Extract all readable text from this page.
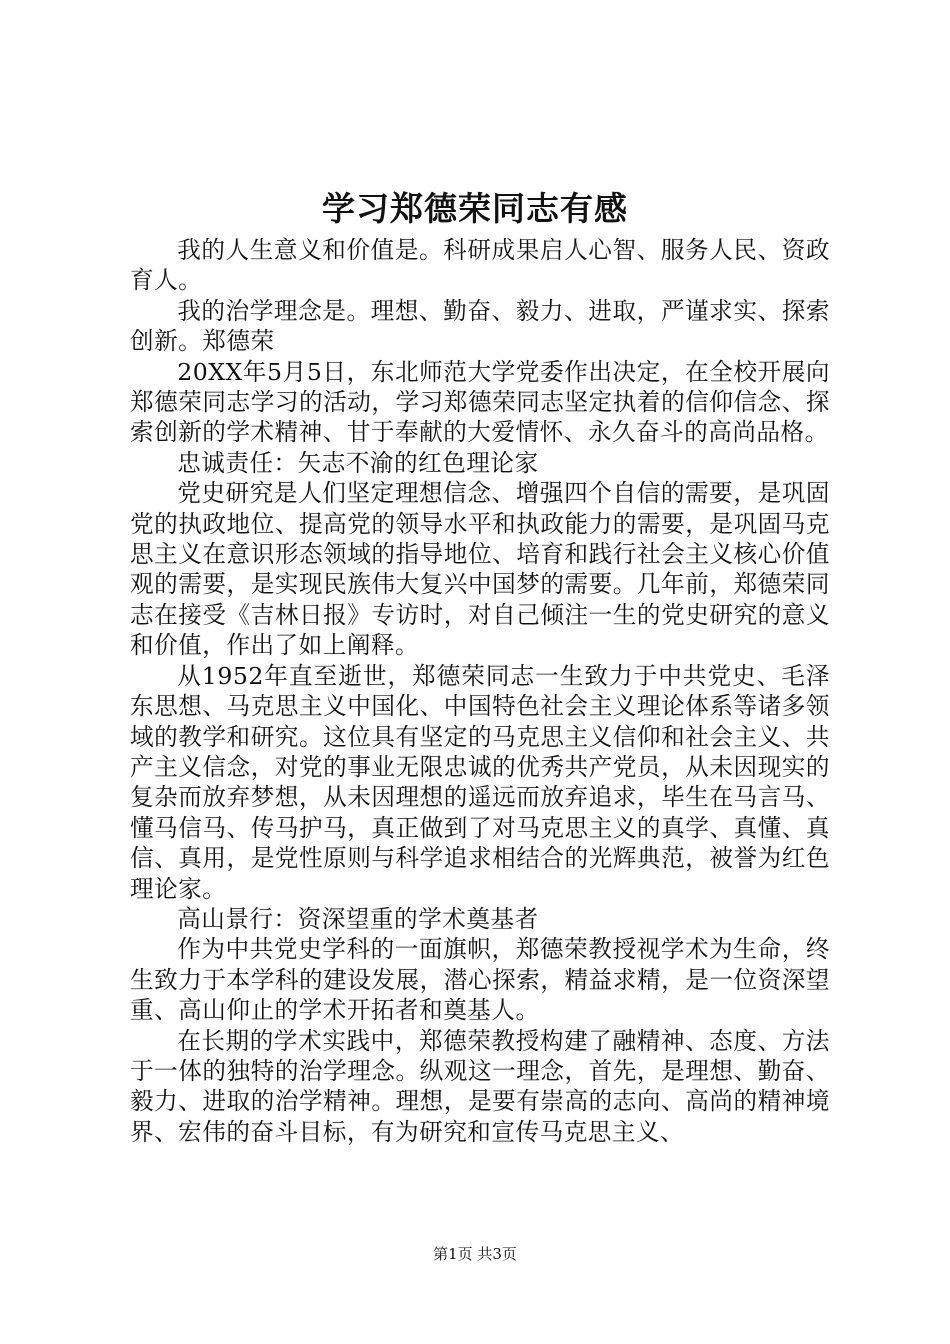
学习郑德荣同志有感

我的人生意义和价值是。科研成果启人心智、服务人民、资政育人。

我的治学理念是。理想、勤奋、毅力、进取，严谨求实、探索创新。郑德荣

20XX年5月5日，东北师范大学党委作出决定，在全校开展向郑德荣同志学习的活动，学习郑德荣同志坚定执着的信仰信念、探索创新的学术精神、甘于奉献的大爱情怀、永久奋斗的高尚品格。

忠诚责任：矢志不渝的红色理论家

党史研究是人们坚定理想信念、增强四个自信的需要，是巩固党的执政地位、提高党的领导水平和执政能力的需要，是巩固马克思主义在意识形态领域的指导地位、培育和践行社会主义核心价值观的需要，是实现民族伟大复兴中国梦的需要。几年前，郑德荣同志在接受《吉林日报》专访时，对自己倾注一生的党史研究的意义和价值，作出了如上阐释。

从1952年直至逝世，郑德荣同志一生致力于中共党史、毛泽东思想、马克思主义中国化、中国特色社会主义理论体系等诸多领域的教学和研究。这位具有坚定的马克思主义信仰和社会主义、共产主义信念，对党的事业无限忠诚的优秀共产党员，从未因现实的复杂而放弃梦想，从未因理想的遥远而放弃追求，毕生在马言马、懂马信马、传马护马，真正做到了对马克思主义的真学、真懂、真信、真用，是党性原则与科学追求相结合的光辉典范，被誉为红色理论家。

高山景行：资深望重的学术奠基者

作为中共党史学科的一面旗帜，郑德荣教授视学术为生命，终生致力于本学科的建设发展，潜心探索，精益求精，是一位资深望重、高山仰止的学术开拓者和奠基人。

在长期的学术实践中，郑德荣教授构建了融精神、态度、方法于一体的独特的治学理念。纵观这一理念，首先，是理想、勤奋、毅力、进取的治学精神。理想，是要有崇高的志向、高尚的精神境界、宏伟的奋斗目标，有为研究和宣传马克思主义、

第1页 共3页
